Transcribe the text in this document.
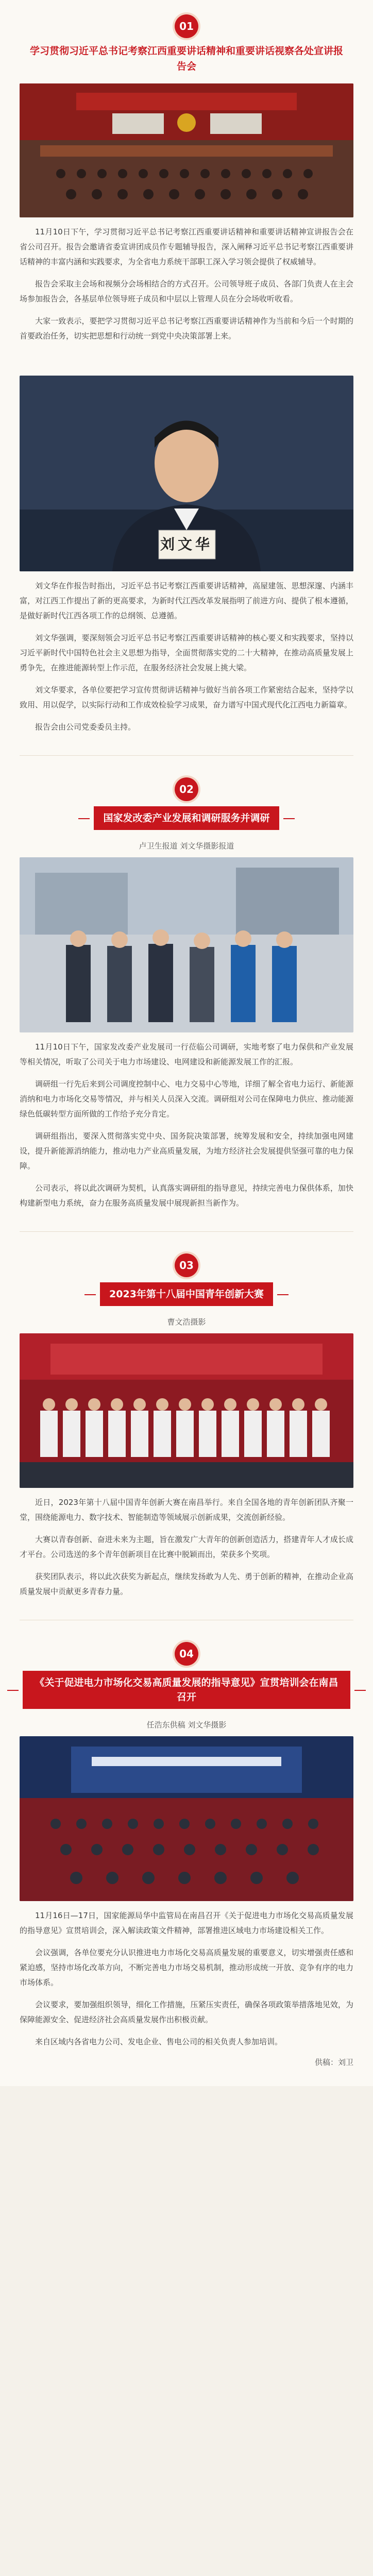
01
学习贯彻习近平总书记考察江西重要讲话精神和重要讲话视察各处宣讲报告会

11月10日下午，学习贯彻习近平总书记考察江西重要讲话精神和重要讲话精神宣讲报告会在省公司召开。报告会邀请省委宣讲团成员作专题辅导报告，深入阐释习近平总书记考察江西重要讲话精神的丰富内涵和实践要求，为全省电力系统干部职工深入学习领会提供了权威辅导。

报告会采取主会场和视频分会场相结合的方式召开。公司领导班子成员、各部门负责人在主会场参加报告会，各基层单位领导班子成员和中层以上管理人员在分会场收听收看。

大家一致表示，要把学习贯彻习近平总书记考察江西重要讲话精神作为当前和今后一个时期的首要政治任务，切实把思想和行动统一到党中央决策部署上来。

刘文华

刘文华在作报告时指出，习近平总书记考察江西重要讲话精神，高屋建瓴、思想深邃、内涵丰富，对江西工作提出了新的更高要求，为新时代江西改革发展指明了前进方向、提供了根本遵循，是做好新时代江西各项工作的总纲领、总遵循。

刘文华强调，要深刻领会习近平总书记考察江西重要讲话精神的核心要义和实践要求，坚持以习近平新时代中国特色社会主义思想为指导，全面贯彻落实党的二十大精神，在推动高质量发展上勇争先，在推进能源转型上作示范，在服务经济社会发展上挑大梁。

刘文华要求，各单位要把学习宣传贯彻讲话精神与做好当前各项工作紧密结合起来，坚持学以致用、用以促学，以实际行动和工作成效检验学习成果，奋力谱写中国式现代化江西电力新篇章。

报告会由公司党委委员主持。

02
国家发改委产业发展和调研服务并调研
卢卫生报道 刘文华摄影报道

11月10日下午，国家发改委产业发展司一行莅临公司调研，实地考察了电力保供和产业发展等相关情况，听取了公司关于电力市场建设、电网建设和新能源发展工作的汇报。

调研组一行先后来到公司调度控制中心、电力交易中心等地，详细了解全省电力运行、新能源消纳和电力市场化交易等情况，并与相关人员深入交流。调研组对公司在保障电力供应、推动能源绿色低碳转型方面所做的工作给予充分肯定。

调研组指出，要深入贯彻落实党中央、国务院决策部署，统筹发展和安全，持续加强电网建设，提升新能源消纳能力，推动电力产业高质量发展，为地方经济社会发展提供坚强可靠的电力保障。

公司表示，将以此次调研为契机，认真落实调研组的指导意见，持续完善电力保供体系，加快构建新型电力系统，奋力在服务高质量发展中展现新担当新作为。

03
2023年第十八届中国青年创新大赛
曹文浩摄影

近日，2023年第十八届中国青年创新大赛在南昌举行。来自全国各地的青年创新团队齐聚一堂，围绕能源电力、数字技术、智能制造等领域展示创新成果，交流创新经验。

大赛以青春创新、奋进未来为主题，旨在激发广大青年的创新创造活力，搭建青年人才成长成才平台。公司选送的多个青年创新项目在比赛中脱颖而出，荣获多个奖项。

获奖团队表示，将以此次获奖为新起点，继续发扬敢为人先、勇于创新的精神，在推动企业高质量发展中贡献更多青春力量。

04
《关于促进电力市场化交易高质量发展的指导意见》宣贯培训会在南昌召开
任浩东供稿 刘文华摄影

11月16日—17日，国家能源局华中监管局在南昌召开《关于促进电力市场化交易高质量发展的指导意见》宣贯培训会，深入解读政策文件精神，部署推进区域电力市场建设相关工作。

会议强调，各单位要充分认识推进电力市场化交易高质量发展的重要意义，切实增强责任感和紧迫感，坚持市场化改革方向，不断完善电力市场交易机制，推动形成统一开放、竞争有序的电力市场体系。

会议要求，要加强组织领导，细化工作措施，压紧压实责任，确保各项政策举措落地见效，为保障能源安全、促进经济社会高质量发展作出积极贡献。

来自区域内各省电力公司、发电企业、售电公司的相关负责人参加培训。

供稿：刘卫
